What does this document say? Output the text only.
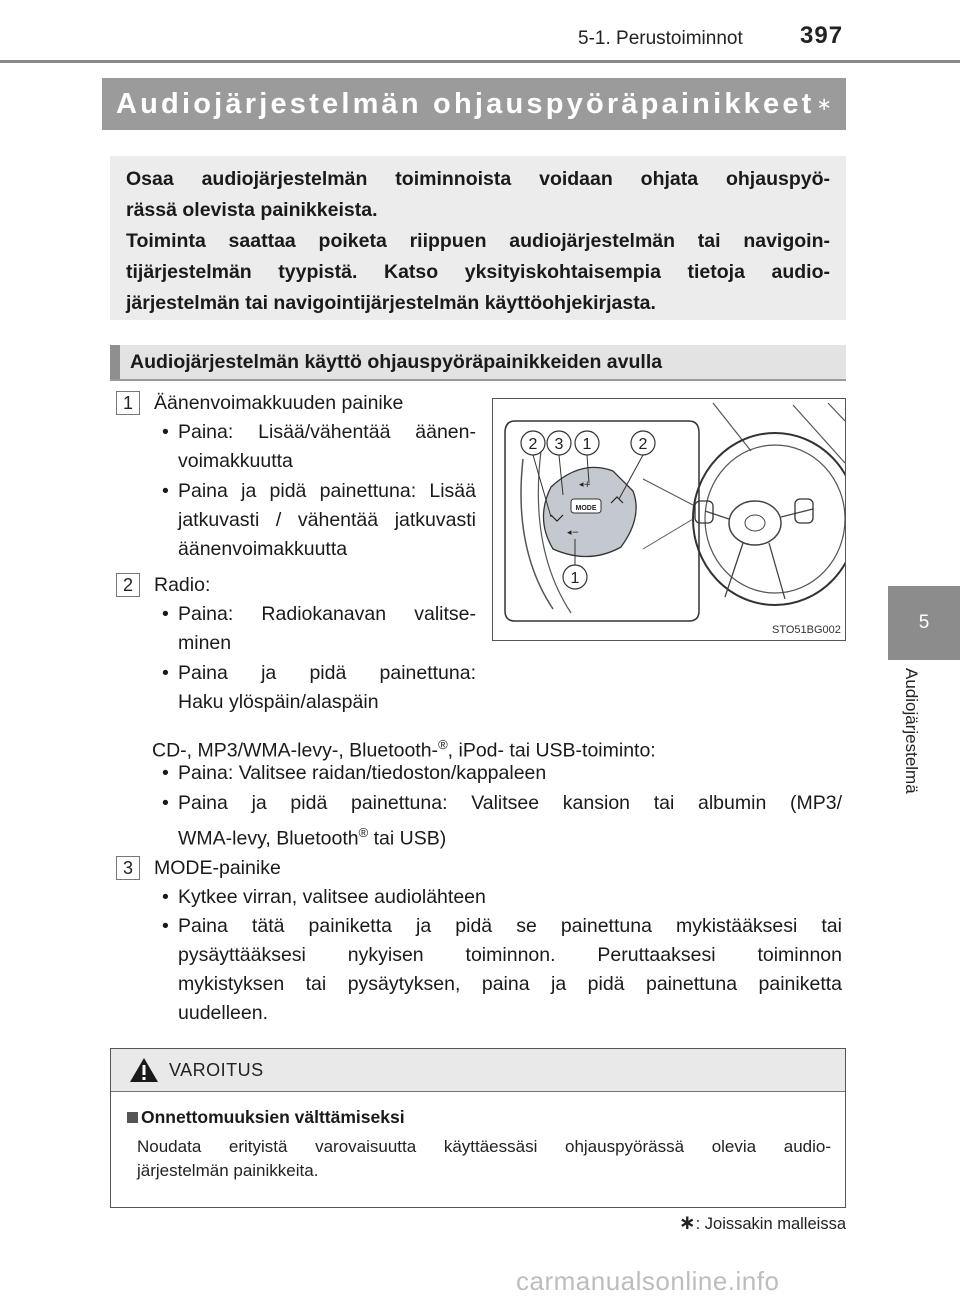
5-1. Perustoiminnot 397
Audiojärjestelmän ohjauspyöräpainikkeet ∗
Osaa audiojärjestelmän toiminnoista voidaan ohjata ohjauspyö-
rässä olevista painikkeista.
Toiminta saattaa poiketa riippuen audiojärjestelmän tai navigoin-
tijärjestelmän tyypistä. Katso yksityiskohtaisempia tietoja audio-
järjestelmän tai navigointijärjestelmän käyttöohjekirjasta.
Audiojärjestelmän käyttö ohjauspyöräpainikkeiden avulla
1	Äänenvoimakkuuden painike
• Paina: Lisää/vähentää äänen-
voimakkuutta
• Paina ja pidä painettuna: Lisää
jatkuvasti / vähentää jatkuvasti
äänenvoimakkuutta
2	Radio:
• Paina: Radiokanavan valitse-
minen
• Paina ja pidä painettuna:
Haku ylöspäin/alaspäin
CD-, MP3/WMA-levy-, Bluetooth-®, iPod- tai USB-toiminto:
• Paina: Valitsee raidan/tiedoston/kappaleen
• Paina ja pidä painettuna: Valitsee kansion tai albumin (MP3/
WMA-levy, Bluetooth® tai USB)
3	MODE-painike
• Kytkee virran, valitsee audiolähteen
• Paina tätä painiketta ja pidä se painettuna mykistääksesi tai
pysäyttääksesi nykyisen toiminnon. Peruttaaksesi toiminnon
mykistyksen tai pysäytyksen, paina ja pidä painettuna painiketta
uudelleen.
MODE
◂+
◂−
2 3 1	2
1
STO51BG002	5
Audiojärjestelmä
VAROITUS
Onnettomuuksien välttämiseksi
Noudata erityistä varovaisuutta käyttäessäsi ohjauspyörässä olevia audio-
järjestelmän painikkeita.
∗: Joissakin malleissa
carmanualsonline.info
